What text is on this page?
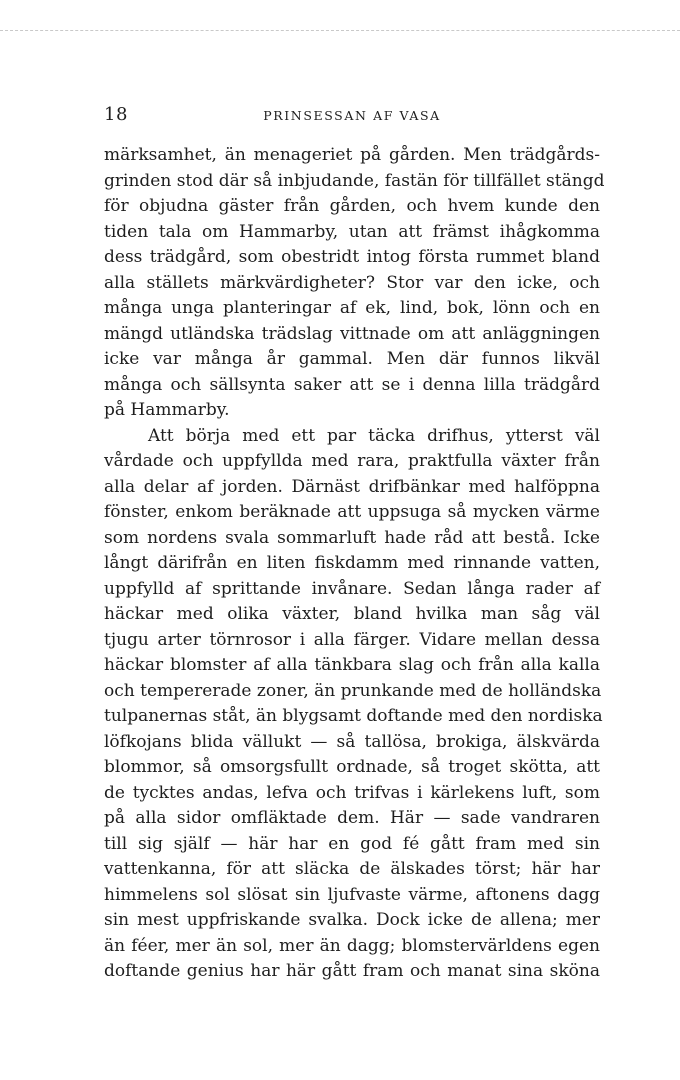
18	PRINSESSAN AF VASA
märksamhet, än menageriet på gården. Men trädgårds-
grinden stod där så inbjudande, fastän för tillfället stängd
för objudna gäster från gården, och hvem kunde den
tiden tala om Hammarby, utan att främst ihågkomma
dess trädgård, som obestridt intog första rummet bland
alla ställets märkvärdigheter? Stor var den icke, och
många unga planteringar af ek, lind, bok, lönn och en
mängd utländska trädslag vittnade om att anläggningen
icke var många år gammal. Men där funnos likväl
många och sällsynta saker att se i denna lilla trädgård
på Hammarby.
Att börja med ett par täcka drifhus, ytterst väl
vårdade och uppfyllda med rara, praktfulla växter från
alla delar af jorden. Därnäst drifbänkar med halföppna
fönster, enkom beräknade att uppsuga så mycken värme
som nordens svala sommarluft hade råd att bestå. Icke
långt därifrån en liten fiskdamm med rinnande vatten,
uppfylld af sprittande invånare. Sedan långa rader af
häckar med olika växter, bland hvilka man såg väl
tjugu arter törnrosor i alla färger. Vidare mellan dessa
häckar blomster af alla tänkbara slag och från alla kalla
och tempererade zoner, än prunkande med de holländska
tulpanernas ståt, än blygsamt doftande med den nordiska
löfkojans blida vällukt — så tallösa, brokiga, älskvärda
blommor, så omsorgsfullt ordnade, så troget skötta, att
de tycktes andas, lefva och trifvas i kärlekens luft, som
på alla sidor omfläktade dem. Här — sade vandraren
till sig själf — här har en god fé gått fram med sin
vattenkanna, för att släcka de älskades törst; här har
himmelens sol slösat sin ljufvaste värme, aftonens dagg
sin mest uppfriskande svalka. Dock icke de allena; mer
än féer, mer än sol, mer än dagg; blomstervärldens egen
doftande genius har här gått fram och manat sina sköna
